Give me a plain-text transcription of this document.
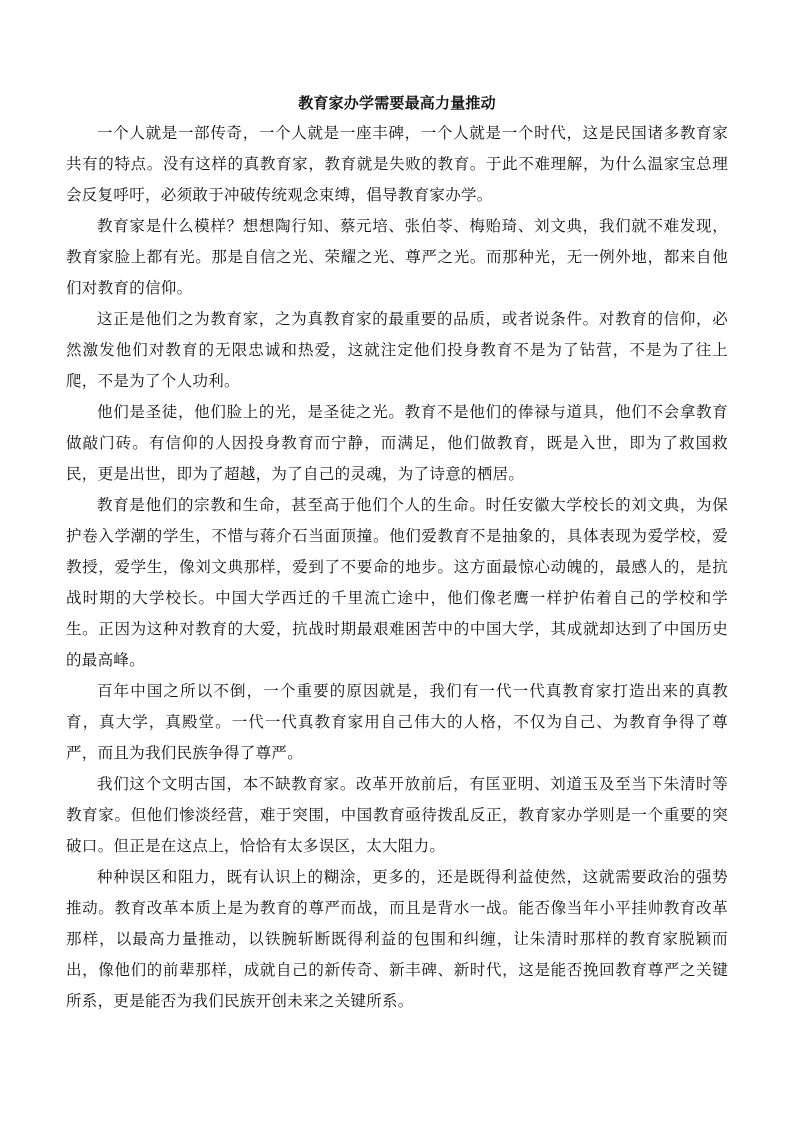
教育家办学需要最高力量推动

一个人就是一部传奇，一个人就是一座丰碑，一个人就是一个时代，这是民国诸多教育家共有的特点。没有这样的真教育家，教育就是失败的教育。于此不难理解，为什么温家宝总理会反复呼吁，必须敢于冲破传统观念束缚，倡导教育家办学。

教育家是什么模样？想想陶行知、蔡元培、张伯苓、梅贻琦、刘文典，我们就不难发现，教育家脸上都有光。那是自信之光、荣耀之光、尊严之光。而那种光，无一例外地，都来自他们对教育的信仰。

这正是他们之为教育家，之为真教育家的最重要的品质，或者说条件。对教育的信仰，必然激发他们对教育的无限忠诚和热爱，这就注定他们投身教育不是为了钻营，不是为了往上爬，不是为了个人功利。

他们是圣徒，他们脸上的光，是圣徒之光。教育不是他们的俸禄与道具，他们不会拿教育做敲门砖。有信仰的人因投身教育而宁静，而满足，他们做教育，既是入世，即为了救国救民，更是出世，即为了超越，为了自己的灵魂，为了诗意的栖居。

教育是他们的宗教和生命，甚至高于他们个人的生命。时任安徽大学校长的刘文典，为保护卷入学潮的学生，不惜与蒋介石当面顶撞。他们爱教育不是抽象的，具体表现为爱学校，爱教授，爱学生，像刘文典那样，爱到了不要命的地步。这方面最惊心动魄的，最感人的，是抗战时期的大学校长。中国大学西迁的千里流亡途中，他们像老鹰一样护佑着自己的学校和学生。正因为这种对教育的大爱，抗战时期最艰难困苦中的中国大学，其成就却达到了中国历史的最高峰。

百年中国之所以不倒，一个重要的原因就是，我们有一代一代真教育家打造出来的真教育，真大学，真殿堂。一代一代真教育家用自己伟大的人格，不仅为自己、为教育争得了尊严，而且为我们民族争得了尊严。

我们这个文明古国，本不缺教育家。改革开放前后，有匡亚明、刘道玉及至当下朱清时等教育家。但他们惨淡经营，难于突围，中国教育亟待拨乱反正，教育家办学则是一个重要的突破口。但正是在这点上，恰恰有太多误区，太大阻力。

种种误区和阻力，既有认识上的糊涂，更多的，还是既得利益使然，这就需要政治的强势推动。教育改革本质上是为教育的尊严而战，而且是背水一战。能否像当年小平挂帅教育改革那样，以最高力量推动，以铁腕斩断既得利益的包围和纠缠，让朱清时那样的教育家脱颖而出，像他们的前辈那样，成就自己的新传奇、新丰碑、新时代，这是能否挽回教育尊严之关键所系，更是能否为我们民族开创未来之关键所系。
